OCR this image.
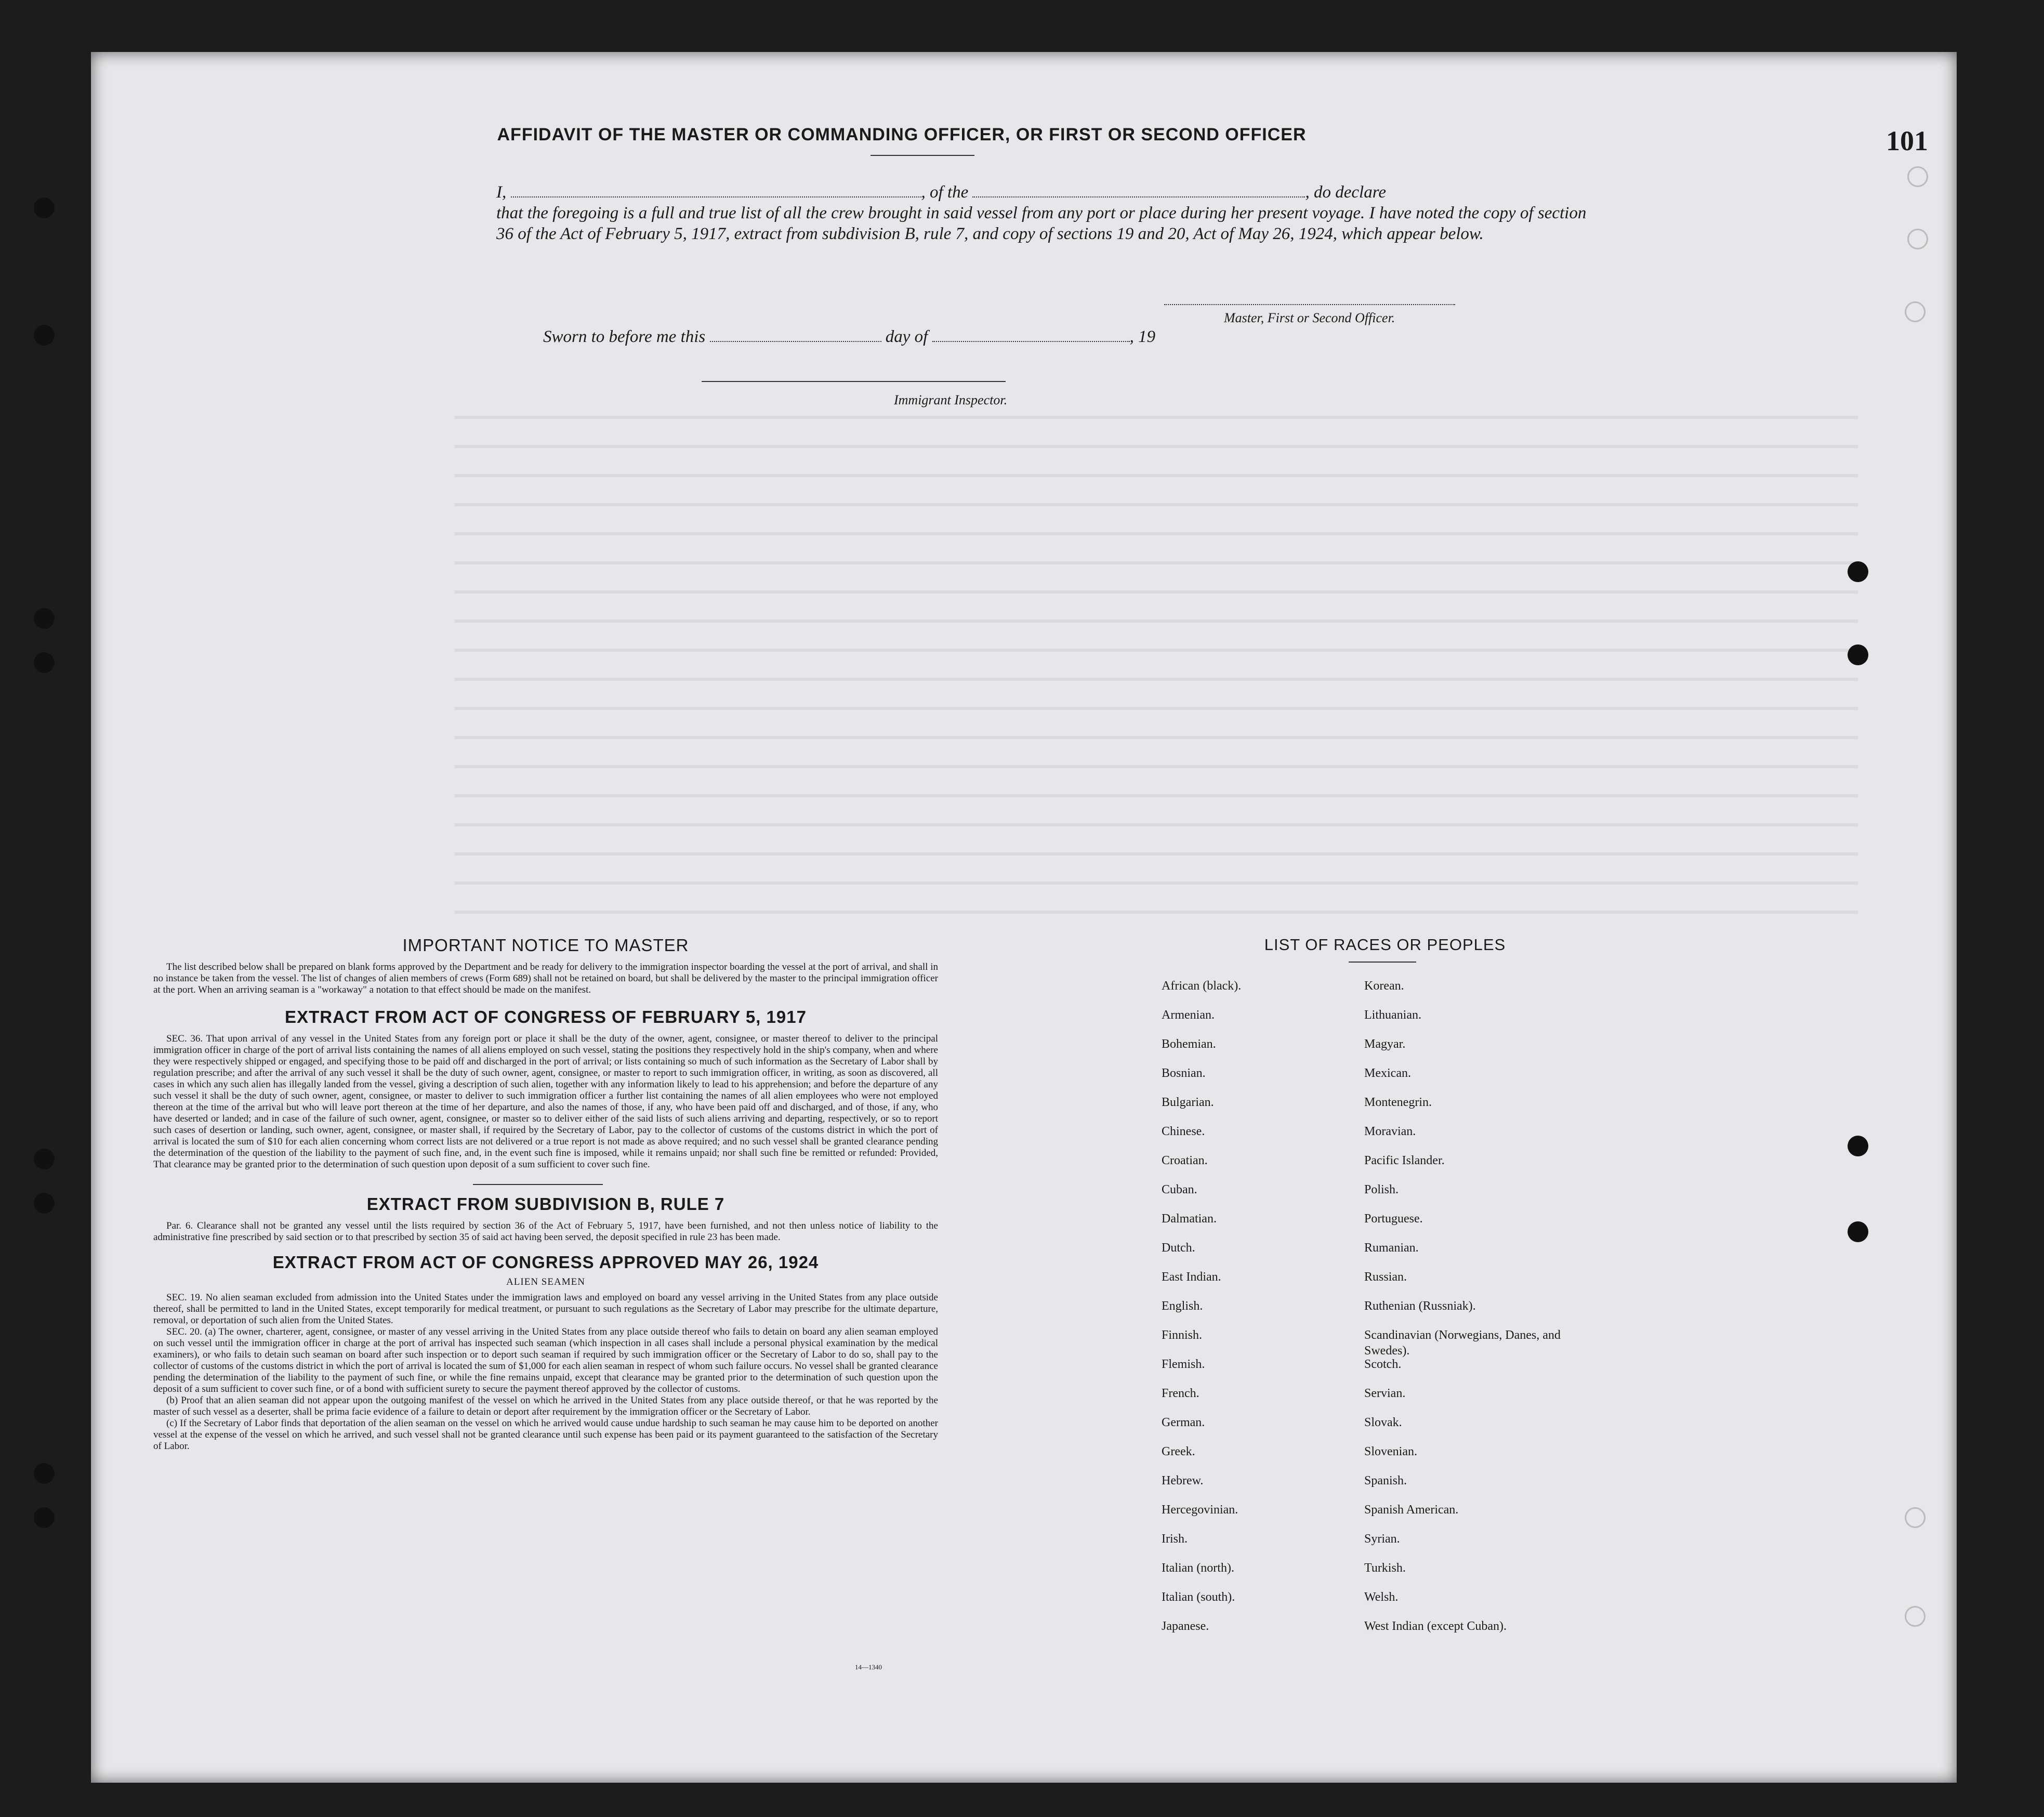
101
AFFIDAVIT OF THE MASTER OR COMMANDING OFFICER, OR FIRST OR SECOND OFFICER
I,	, of the	, do declare
that the foregoing is a full and true list of all the crew brought in said vessel from any port or place during her present voyage. I have noted the copy of section 36 of the Act of February 5, 1917, extract from subdivision B, rule 7, and copy of sections 19 and 20, Act of May 26, 1924, which appear below.
Master, First or Second Officer.
Sworn to before me this	day of	, 19
Immigrant Inspector.
IMPORTANT NOTICE TO MASTER

The list described below shall be prepared on blank forms approved by the Department and be ready for delivery to the immigration inspector boarding the vessel at the port of arrival, and shall in no instance be taken from the vessel. The list of changes of alien members of crews (Form 689) shall not be retained on board, but shall be delivered by the master to the principal immigration officer at the port. When an arriving seaman is a "workaway" a notation to that effect should be made on the manifest.

EXTRACT FROM ACT OF CONGRESS OF FEBRUARY 5, 1917

SEC. 36. That upon arrival of any vessel in the United States from any foreign port or place it shall be the duty of the owner, agent, consignee, or master thereof to deliver to the principal immigration officer in charge of the port of arrival lists containing the names of all aliens employed on such vessel, stating the positions they respectively hold in the ship's company, when and where they were respectively shipped or engaged, and specifying those to be paid off and discharged in the port of arrival; or lists containing so much of such information as the Secretary of Labor shall by regulation prescribe; and after the arrival of any such vessel it shall be the duty of such owner, agent, consignee, or master to report to such immigration officer, in writing, as soon as discovered, all cases in which any such alien has illegally landed from the vessel, giving a description of such alien, together with any information likely to lead to his apprehension; and before the departure of any such vessel it shall be the duty of such owner, agent, consignee, or master to deliver to such immigration officer a further list containing the names of all alien employees who were not employed thereon at the time of the arrival but who will leave port thereon at the time of her departure, and also the names of those, if any, who have been paid off and discharged, and of those, if any, who have deserted or landed; and in case of the failure of such owner, agent, consignee, or master so to deliver either of the said lists of such aliens arriving and departing, respectively, or so to report such cases of desertion or landing, such owner, agent, consignee, or master shall, if required by the Secretary of Labor, pay to the collector of customs of the customs district in which the port of arrival is located the sum of $10 for each alien concerning whom correct lists are not delivered or a true report is not made as above required; and no such vessel shall be granted clearance pending the determination of the question of the liability to the payment of such fine, and, in the event such fine is imposed, while it remains unpaid; nor shall such fine be remitted or refunded: Provided, That clearance may be granted prior to the determination of such question upon deposit of a sum sufficient to cover such fine.

EXTRACT FROM SUBDIVISION B, RULE 7

Par. 6. Clearance shall not be granted any vessel until the lists required by section 36 of the Act of February 5, 1917, have been furnished, and not then unless notice of liability to the administrative fine prescribed by said section or to that prescribed by section 35 of said act having been served, the deposit specified in rule 23 has been made.

EXTRACT FROM ACT OF CONGRESS APPROVED MAY 26, 1924
ALIEN SEAMEN

SEC. 19. No alien seaman excluded from admission into the United States under the immigration laws and employed on board any vessel arriving in the United States from any place outside thereof, shall be permitted to land in the United States, except temporarily for medical treatment, or pursuant to such regulations as the Secretary of Labor may prescribe for the ultimate departure, removal, or deportation of such alien from the United States.

SEC. 20. (a) The owner, charterer, agent, consignee, or master of any vessel arriving in the United States from any place outside thereof who fails to detain on board any alien seaman employed on such vessel until the immigration officer in charge at the port of arrival has inspected such seaman (which inspection in all cases shall include a personal physical examination by the medical examiners), or who fails to detain such seaman on board after such inspection or to deport such seaman if required by such immigration officer or the Secretary of Labor to do so, shall pay to the collector of customs of the customs district in which the port of arrival is located the sum of $1,000 for each alien seaman in respect of whom such failure occurs. No vessel shall be granted clearance pending the determination of the liability to the payment of such fine, or while the fine remains unpaid, except that clearance may be granted prior to the determination of such question upon the deposit of a sum sufficient to cover such fine, or of a bond with sufficient surety to secure the payment thereof approved by the collector of customs.

(b) Proof that an alien seaman did not appear upon the outgoing manifest of the vessel on which he arrived in the United States from any place outside thereof, or that he was reported by the master of such vessel as a deserter, shall be prima facie evidence of a failure to detain or deport after requirement by the immigration officer or the Secretary of Labor.

(c) If the Secretary of Labor finds that deportation of the alien seaman on the vessel on which he arrived would cause undue hardship to such seaman he may cause him to be deported on another vessel at the expense of the vessel on which he arrived, and such vessel shall not be granted clearance until such expense has been paid or its payment guaranteed to the satisfaction of the Secretary of Labor.

14—1340
LIST OF RACES OR PEOPLES
African (black).	Korean.
Armenian.	Lithuanian.
Bohemian.	Magyar.
Bosnian.	Mexican.
Bulgarian.	Montenegrin.
Chinese.	Moravian.
Croatian.	Pacific Islander.
Cuban.	Polish.
Dalmatian.	Portuguese.
Dutch.	Rumanian.
East Indian.	Russian.
English.	Ruthenian (Russniak).
Finnish.	Scandinavian (Norwegians, Danes, and Swedes).
Flemish.	Scotch.
French.	Servian.
German.	Slovak.
Greek.	Slovenian.
Hebrew.	Spanish.
Hercegovinian.	Spanish American.
Irish.	Syrian.
Italian (north).	Turkish.
Italian (south).	Welsh.
Japanese.	West Indian (except Cuban).
